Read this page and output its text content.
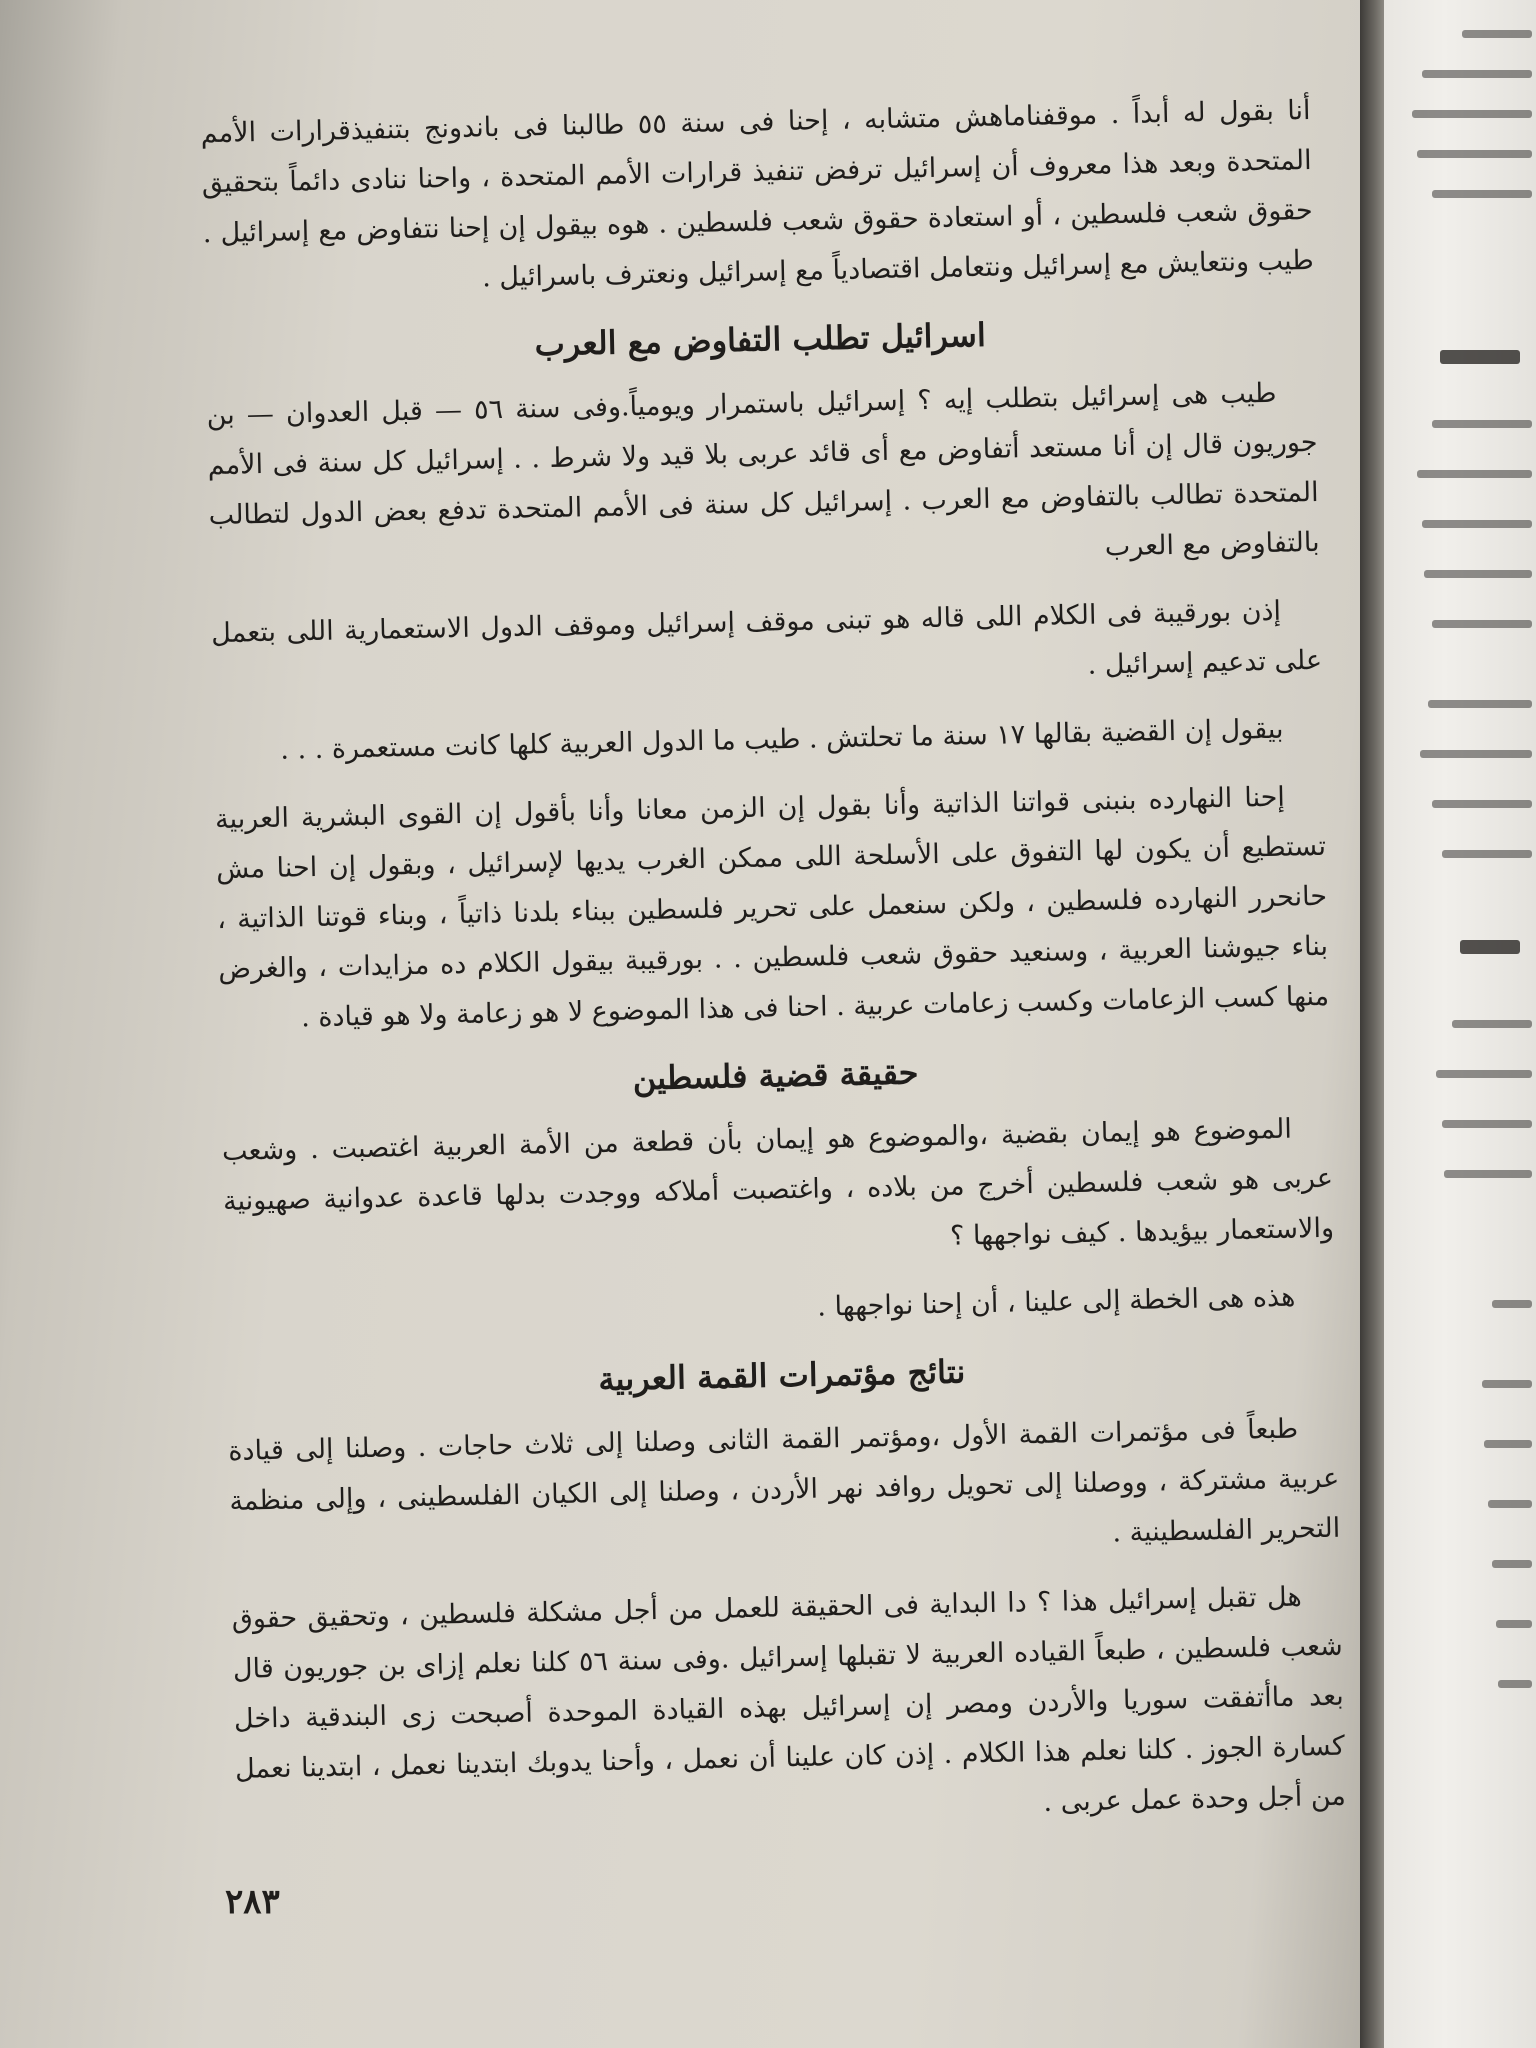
أنا بقول له أبداً . موقفناماهش متشابه ، إحنا فى سنة ٥٥ طالبنا فى باندونج بتنفيذقرارات الأمم المتحدة وبعد هذا معروف أن إسرائيل ترفض تنفيذ قرارات الأمم المتحدة ، واحنا ننادى دائماً بتحقيق حقوق شعب فلسطين ، أو استعادة حقوق شعب فلسطين . هوه بيقول إن إحنا نتفاوض مع إسرائيل . طيب ونتعايش مع إسرائيل ونتعامل اقتصادياً مع إسرائيل ونعترف باسرائيل .

اسرائيل تطلب التفاوض مع العرب

طيب هى إسرائيل بتطلب إيه ؟ إسرائيل باستمرار ويومياً.وفى سنة ٥٦ — قبل العدوان — بن جوريون قال إن أنا مستعد أتفاوض مع أى قائد عربى بلا قيد ولا شرط . . إسرائيل كل سنة فى الأمم المتحدة تطالب بالتفاوض مع العرب . إسرائيل كل سنة فى الأمم المتحدة تدفع بعض الدول لتطالب بالتفاوض مع العرب

إذن بورقيبة فى الكلام اللى قاله هو تبنى موقف إسرائيل وموقف الدول الاستعمارية اللى بتعمل على تدعيم إسرائيل .

بيقول إن القضية بقالها ١٧ سنة ما تحلتش . طيب ما الدول العربية كلها كانت مستعمرة . . .

إحنا النهارده بنبنى قواتنا الذاتية وأنا بقول إن الزمن معانا وأنا بأقول إن القوى البشرية العربية تستطيع أن يكون لها التفوق على الأسلحة اللى ممكن الغرب يديها لإسرائيل ، وبقول إن احنا مش حانحرر النهارده فلسطين ، ولكن سنعمل على تحرير فلسطين ببناء بلدنا ذاتياً ، وبناء قوتنا الذاتية ، بناء جيوشنا العربية ، وسنعيد حقوق شعب فلسطين . . بورقيبة بيقول الكلام ده مزايدات ، والغرض منها كسب الزعامات وكسب زعامات عربية . احنا فى هذا الموضوع لا هو زعامة ولا هو قيادة .

حقيقة قضية فلسطين

الموضوع هو إيمان بقضية ،والموضوع هو إيمان بأن قطعة من الأمة العربية اغتصبت . وشعب عربى هو شعب فلسطين أخرج من بلاده ، واغتصبت أملاكه ووجدت بدلها قاعدة عدوانية صهيونية والاستعمار بيؤيدها . كيف نواجهها ؟

هذه هى الخطة إلى علينا ، أن إحنا نواجهها .

نتائج مؤتمرات القمة العربية

طبعاً فى مؤتمرات القمة الأول ،ومؤتمر القمة الثانى وصلنا إلى ثلاث حاجات . وصلنا إلى قيادة عربية مشتركة ، ووصلنا إلى تحويل روافد نهر الأردن ، وصلنا إلى الكيان الفلسطينى ، وإلى منظمة التحرير الفلسطينية .

هل تقبل إسرائيل هذا ؟ دا البداية فى الحقيقة للعمل من أجل مشكلة فلسطين ، وتحقيق حقوق شعب فلسطين ، طبعاً القياده العربية لا تقبلها إسرائيل .وفى سنة ٥٦ كلنا نعلم إزاى بن جوريون قال بعد ماأتفقت سوريا والأردن ومصر إن إسرائيل بهذه القيادة الموحدة أصبحت زى البندقية داخل كسارة الجوز . كلنا نعلم هذا الكلام . إذن كان علينا أن نعمل ، وأحنا يدوبك ابتدينا نعمل ، ابتدينا نعمل من أجل وحدة عمل عربى .

٢٨٣
